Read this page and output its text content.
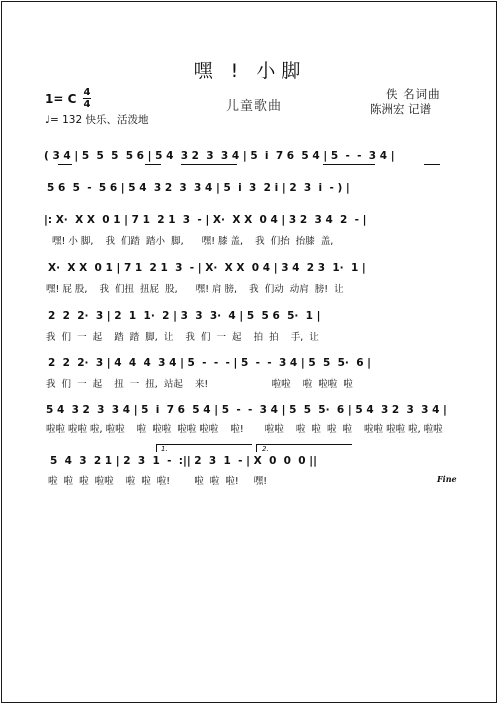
嘿 ! 小脚
儿童歌曲
1= C 4
4
♩= 132 快乐、活泼地
佚 名词曲
陈洲宏 记谱
( 3 4 | 5  5  5  5 6 | 5 4  3 2  3  3 4 | 5  i  7 6  5 4 | 5  -  -  3 4 |
5 6  5  -  5 6 | 5 4  3 2  3  3 4 | 5  i  3  2 i | 2  3  i  - ) |
|: X·  X X  0 1 | 7 1  2 1  3  - | X·  X X  0 4 | 3 2  3 4  2  - |
嘿! 小 脚,    我  们踏  踏小  脚,      嘿! 膝 盖,    我  们抬  抬膝  盖,
X·  X X  0 1 | 7 1  2 1  3  - | X·  X X  0 4 | 3 4  2 3  1·  1 |
嘿! 屁 股,    我  们扭  扭屁  股,      嘿! 肩 膀,    我  们动  动肩  膀!  让
2  2  2·  3 | 2  1  1·  2 | 3  3  3·  4 | 5  5 6  5·  1 |
我  们  一  起    踏  踏  脚,  让    我  们  一  起    拍  拍    手,  让
2  2  2·  3 | 4  4  4  3 4 | 5  -  -  - | 5  -  -  3 4 | 5  5  5·  6 |
我  们  一  起    扭  一  扭,  站起    来!                     啦啦    啦  啦啦  啦
5 4  3 2  3  3 4 | 5  i  7 6  5 4 | 5  -  -  3 4 | 5  5  5·  6 | 5 4  3 2  3  3 4 |
啦啦 啦啦 啦, 啦啦    啦  啦啦  啦啦 啦啦    啦!       啦啦    啦  啦  啦  啦    啦啦 啦啦 啦, 啦啦
1.	2.
5  4  3  2 1 | 2  3  1  -  :|| 2  3  1  - | X  0  0  0 ||
啦  啦  啦  啦啦    啦  啦  啦!        啦  啦  啦!     嘿!	Fine
